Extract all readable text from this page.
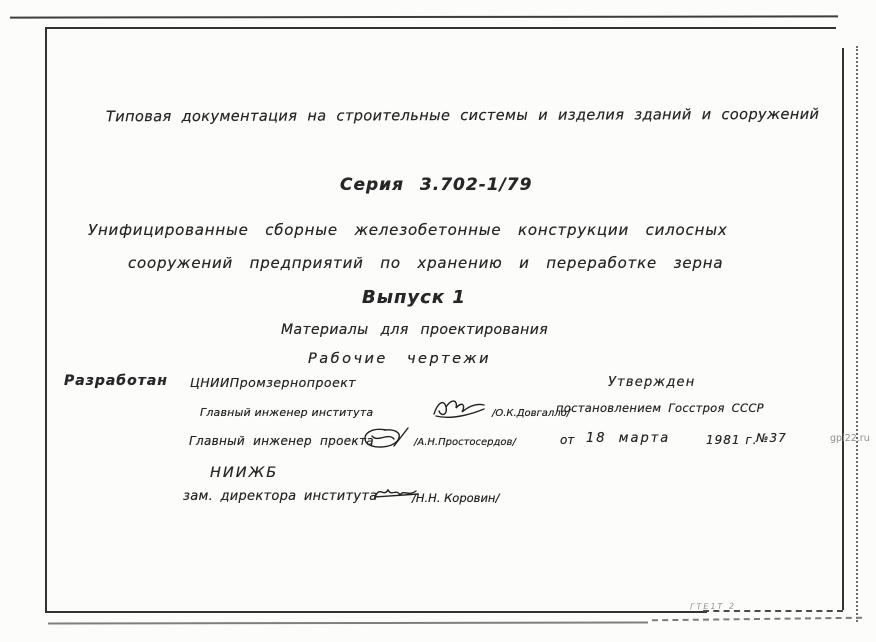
Типовая документация на строительные системы и изделия зданий и сооружений
Серия 3.702-1/79
Унифицированные сборные железобетонные конструкции силосных
сооружений предприятий по хранению и переработке зерна
Выпуск 1
Материалы для проектирования
Рабочие чертежи
Разработан ЦНИИПромзернопроект	Утвержден
Главный инженер института	/О.К.Довгалло/
постановлением Госстроя СССР
Главный инженер проекта	/А.Н.Простосердов/	от 18 марта	1981 г.
№37
НИИЖБ
зам. директора института	/Н.Н. Коровин/
ГТЕ1Т 2
gpi22.ru
